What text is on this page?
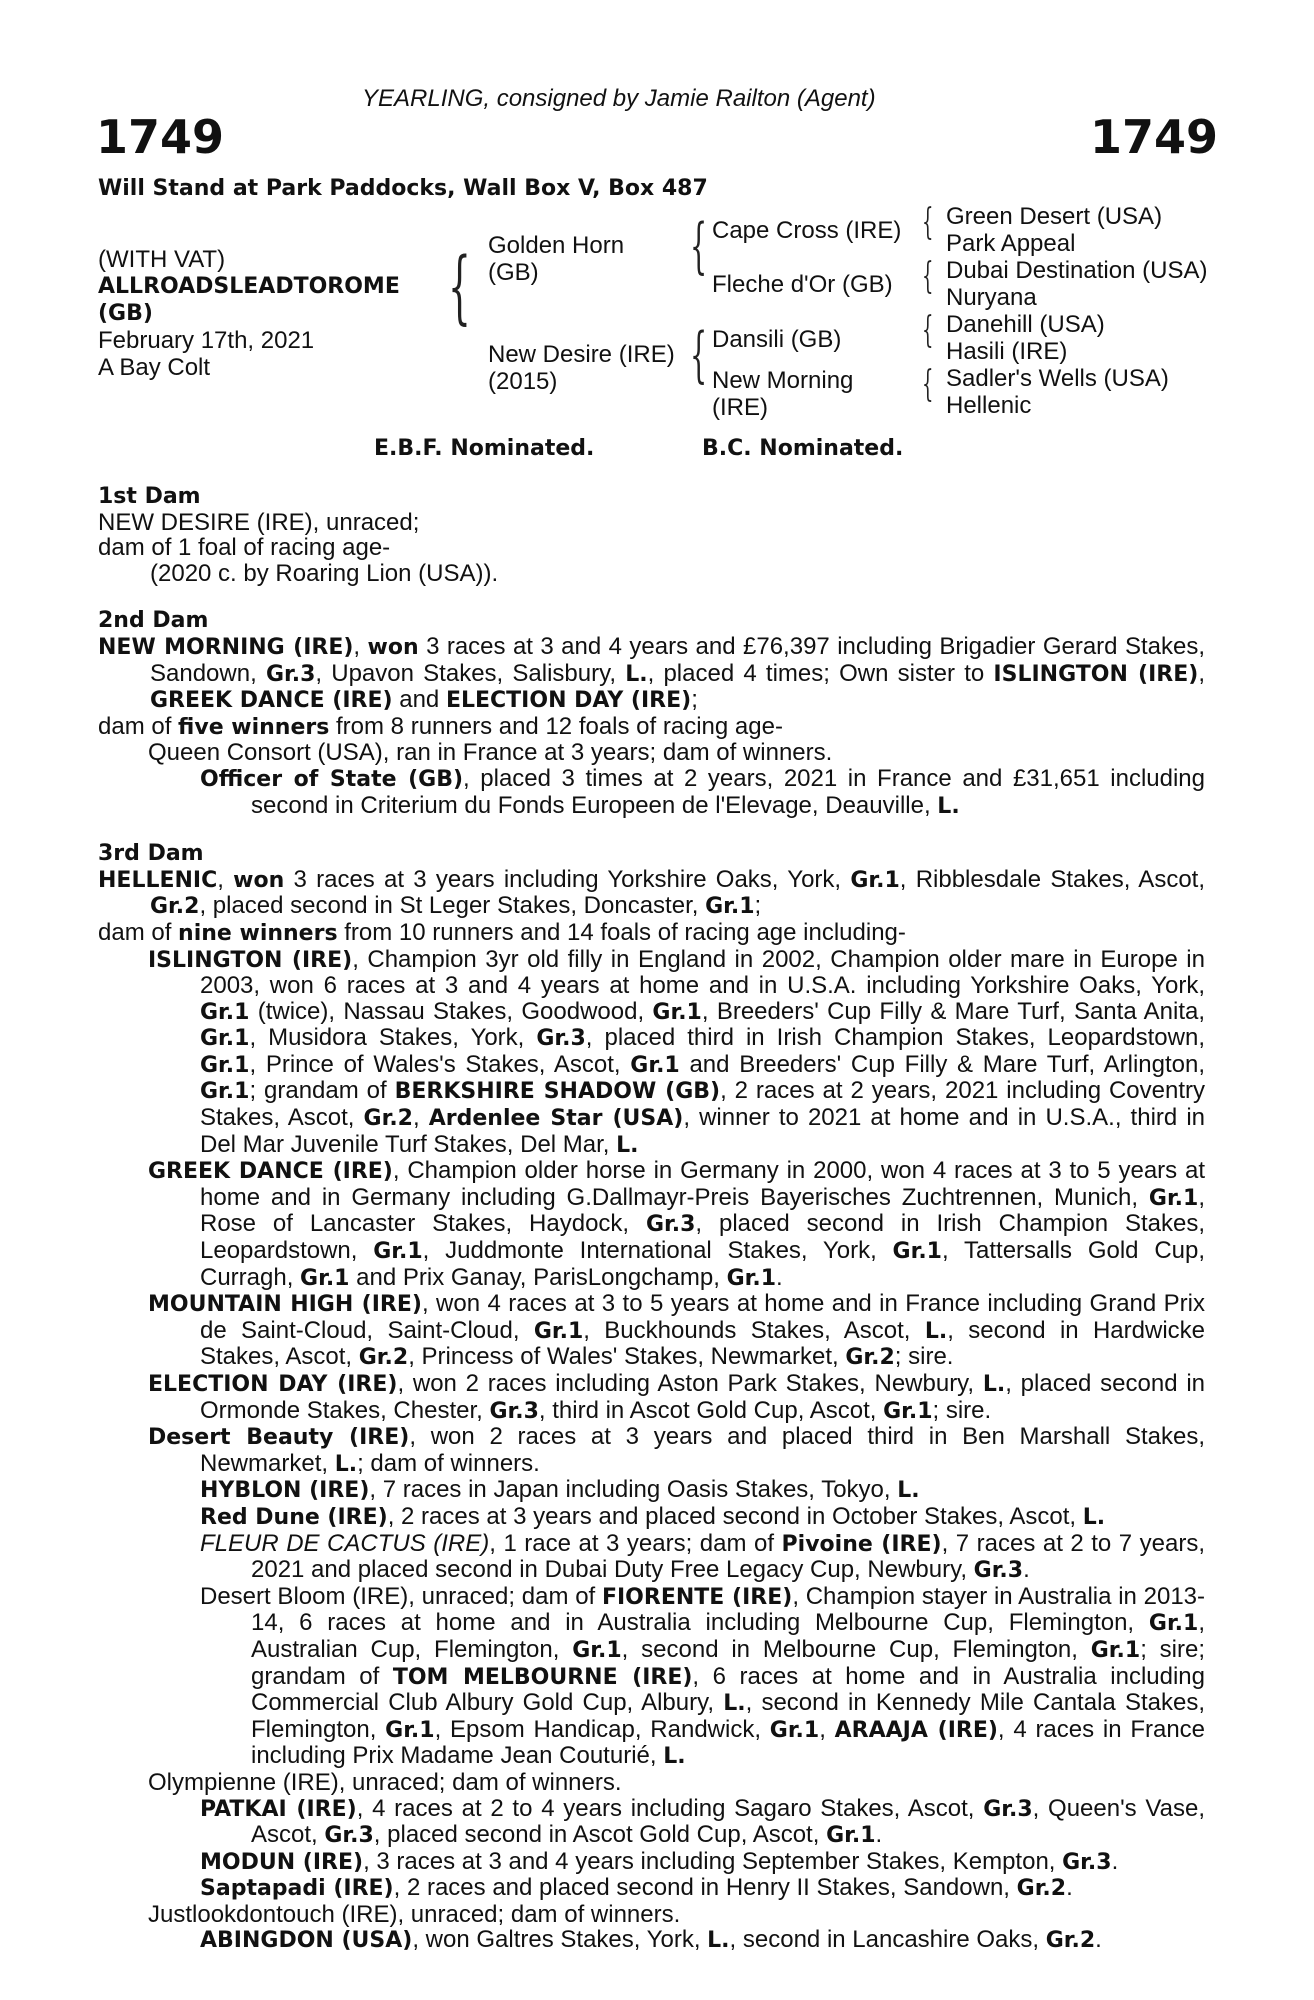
YEARLING, consigned by Jamie Railton (Agent)
1749	1749
Will Stand at Park Paddocks, Wall Box V, Box 487
(WITH VAT)
ALLROADSLEADTOROME
(GB)
February 17th, 2021
A Bay Colt
{ Golden Horn
(GB)
New Desire (IRE)
(2015)
{
{
Cape Cross (IRE)
Fleche d'Or (GB)
Dansili (GB)
New Morning
(IRE)
{
{
{
{
Green Desert (USA)
Park Appeal
Dubai Destination (USA)
Nuryana
Danehill (USA)
Hasili (IRE)
Sadler's Wells (USA)
Hellenic
E.B.F. Nominated.	B.C. Nominated.
1st Dam
NEW DESIRE (IRE), unraced;
dam of 1 foal of racing age-
(2020 c. by Roaring Lion (USA)).
2nd Dam
NEW MORNING (IRE), won 3 races at 3 and 4 years and £76,397 including Brigadier Gerard Stakes, Sandown, Gr.3, Upavon Stakes, Salisbury, L., placed 4 times; Own sister to ISLINGTON (IRE), GREEK DANCE (IRE) and ELECTION DAY (IRE);
dam of five winners from 8 runners and 12 foals of racing age-
Queen Consort (USA), ran in France at 3 years; dam of winners.
Officer of State (GB), placed 3 times at 2 years, 2021 in France and £31,651 including second in Criterium du Fonds Europeen de l'Elevage, Deauville, L.
3rd Dam
HELLENIC, won 3 races at 3 years including Yorkshire Oaks, York, Gr.1, Ribblesdale Stakes, Ascot, Gr.2, placed second in St Leger Stakes, Doncaster, Gr.1;
dam of nine winners from 10 runners and 14 foals of racing age including-
ISLINGTON (IRE), Champion 3yr old filly in England in 2002, Champion older mare in Europe in 2003, won 6 races at 3 and 4 years at home and in U.S.A. including Yorkshire Oaks, York, Gr.1 (twice), Nassau Stakes, Goodwood, Gr.1, Breeders' Cup Filly & Mare Turf, Santa Anita, Gr.1, Musidora Stakes, York, Gr.3, placed third in Irish Champion Stakes, Leopardstown, Gr.1, Prince of Wales's Stakes, Ascot, Gr.1 and Breeders' Cup Filly & Mare Turf, Arlington, Gr.1; grandam of BERKSHIRE SHADOW (GB), 2 races at 2 years, 2021 including Coventry Stakes, Ascot, Gr.2, Ardenlee Star (USA), winner to 2021 at home and in U.S.A., third in Del Mar Juvenile Turf Stakes, Del Mar, L.
GREEK DANCE (IRE), Champion older horse in Germany in 2000, won 4 races at 3 to 5 years at home and in Germany including G.Dallmayr-Preis Bayerisches Zuchtrennen, Munich, Gr.1, Rose of Lancaster Stakes, Haydock, Gr.3, placed second in Irish Champion Stakes, Leopardstown, Gr.1, Juddmonte International Stakes, York, Gr.1, Tattersalls Gold Cup, Curragh, Gr.1 and Prix Ganay, ParisLongchamp, Gr.1.
MOUNTAIN HIGH (IRE), won 4 races at 3 to 5 years at home and in France including Grand Prix de Saint-Cloud, Saint-Cloud, Gr.1, Buckhounds Stakes, Ascot, L., second in Hardwicke Stakes, Ascot, Gr.2, Princess of Wales' Stakes, Newmarket, Gr.2; sire.
ELECTION DAY (IRE), won 2 races including Aston Park Stakes, Newbury, L., placed second in Ormonde Stakes, Chester, Gr.3, third in Ascot Gold Cup, Ascot, Gr.1; sire.
Desert Beauty (IRE), won 2 races at 3 years and placed third in Ben Marshall Stakes, Newmarket, L.; dam of winners.
HYBLON (IRE), 7 races in Japan including Oasis Stakes, Tokyo, L.
Red Dune (IRE), 2 races at 3 years and placed second in October Stakes, Ascot, L.
FLEUR DE CACTUS (IRE), 1 race at 3 years; dam of Pivoine (IRE), 7 races at 2 to 7 years, 2021 and placed second in Dubai Duty Free Legacy Cup, Newbury, Gr.3.
Desert Bloom (IRE), unraced; dam of FIORENTE (IRE), Champion stayer in Australia in 2013-14, 6 races at home and in Australia including Melbourne Cup, Flemington, Gr.1, Australian Cup, Flemington, Gr.1, second in Melbourne Cup, Flemington, Gr.1; sire; grandam of TOM MELBOURNE (IRE), 6 races at home and in Australia including Commercial Club Albury Gold Cup, Albury, L., second in Kennedy Mile Cantala Stakes, Flemington, Gr.1, Epsom Handicap, Randwick, Gr.1, ARAAJA (IRE), 4 races in France including Prix Madame Jean Couturié, L.
Olympienne (IRE), unraced; dam of winners.
PATKAI (IRE), 4 races at 2 to 4 years including Sagaro Stakes, Ascot, Gr.3, Queen's Vase, Ascot, Gr.3, placed second in Ascot Gold Cup, Ascot, Gr.1.
MODUN (IRE), 3 races at 3 and 4 years including September Stakes, Kempton, Gr.3.
Saptapadi (IRE), 2 races and placed second in Henry II Stakes, Sandown, Gr.2.
Justlookdontouch (IRE), unraced; dam of winners.
ABINGDON (USA), won Galtres Stakes, York, L., second in Lancashire Oaks, Gr.2.
